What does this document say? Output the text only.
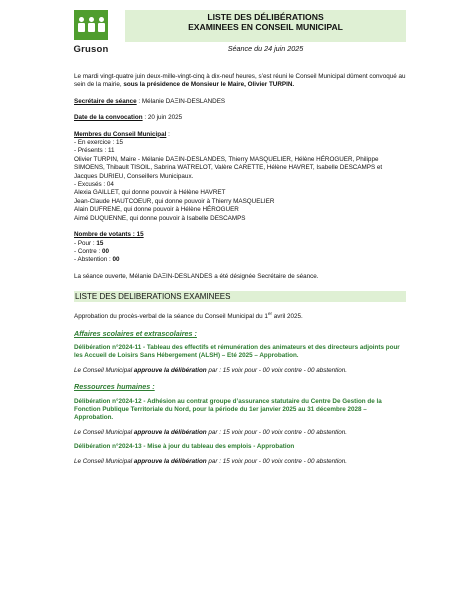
Gruson
LISTE DES DÉLIBÉRATIONS
EXAMINEES EN CONSEIL MUNICIPAL
Séance du 24 juin 2025

Le mardi vingt-quatre juin deux-mille-vingt-cinq à dix-neuf heures, s’est réuni le Conseil Municipal dûment convoqué au sein de la mairie, sous la présidence de Monsieur le Maire, Olivier TURPIN.

Secrétaire de séance : Mélanie DAΞIN-DESLANDES

Date de la convocation : 20 juin 2025

Membres du Conseil Municipal :

- En exercice : 15

- Présents : 11

Olivier TURPIN, Maire - Mélanie DAΞIN-DESLANDES, Thierry MASQUELIER, Hélène HÉROGUER, Philippe SIMOENS, Thibault TISOIL, Sabrina WATRELOT, Valère CARETTE, Hélène HAVRET, Isabelle DESCAMPS et Jacques DURIEU, Conseillers Municipaux.

- Excusés : 04

Alexia GAILLET, qui donne pouvoir à Hélène HAVRET

Jean-Claude HAUTCOEUR, qui donne pouvoir à Thierry MASQUELIER

Alain DUFRENE, qui donne pouvoir à Hélène HÉROGUER

Aimé DUQUENNE, qui donne pouvoir à Isabelle DESCAMPS

Nombre de votants : 15

- Pour : 15

- Contre : 00

- Abstention : 00

La séance ouverte, Mélanie DAΞIN-DESLANDES a été désignée Secrétaire de séance.

LISTE DES DELIBERATIONS EXAMINEES

Approbation du procès-verbal de la séance du Conseil Municipal du 1er avril 2025.

Affaires scolaires et extrascolaires :

Délibération n°2024-11 - Tableau des effectifs et rémunération des animateurs et des directeurs adjoints pour les Accueil de Loisirs Sans Hébergement (ALSH) – Eté 2025 – Approbation.

Le Conseil Municipal approuve la délibération par : 15 voix pour - 00 voix contre - 00 abstention.

Ressources humaines :

Délibération n°2024-12 - Adhésion au contrat groupe d’assurance statutaire du Centre De Gestion de la Fonction Publique Territoriale du Nord, pour la période du 1er janvier 2025 au 31 décembre 2028 – Approbation.

Le Conseil Municipal approuve la délibération par : 15 voix pour - 00 voix contre - 00 abstention.

Délibération n°2024-13 - Mise à jour du tableau des emplois - Approbation

Le Conseil Municipal approuve la délibération par : 15 voix pour - 00 voix contre - 00 abstention.
